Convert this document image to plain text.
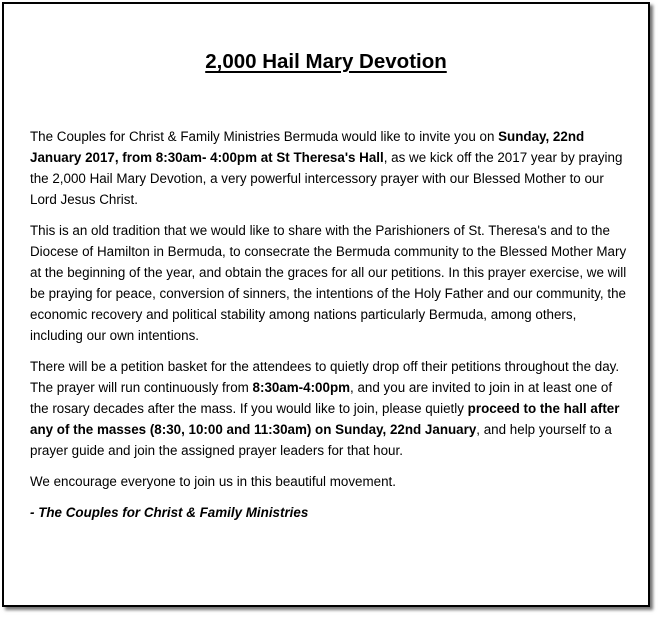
2,000 Hail Mary Devotion

The Couples for Christ & Family Ministries Bermuda would like to invite you on Sunday, 22nd January 2017, from 8:30am- 4:00pm at St Theresa's Hall, as we kick off the 2017 year by praying the 2,000 Hail Mary Devotion, a very powerful intercessory prayer with our Blessed Mother to our Lord Jesus Christ.

This is an old tradition that we would like to share with the Parishioners of St. Theresa's and to the Diocese of Hamilton in Bermuda, to consecrate the Bermuda community to the Blessed Mother Mary at the beginning of the year, and obtain the graces for all our petitions. In this prayer exercise, we will be praying for peace, conversion of sinners, the intentions of the Holy Father and our community, the economic recovery and political stability among nations particularly Bermuda, among others, including our own intentions.

There will be a petition basket for the attendees to quietly drop off their petitions throughout the day. The prayer will run continuously from 8:30am-4:00pm, and you are invited to join in at least one of the rosary decades after the mass. If you would like to join, please quietly proceed to the hall after any of the masses (8:30, 10:00 and 11:30am) on Sunday, 22nd January, and help yourself to a prayer guide and join the assigned prayer leaders for that hour.

We encourage everyone to join us in this beautiful movement.

- The Couples for Christ & Family Ministries
